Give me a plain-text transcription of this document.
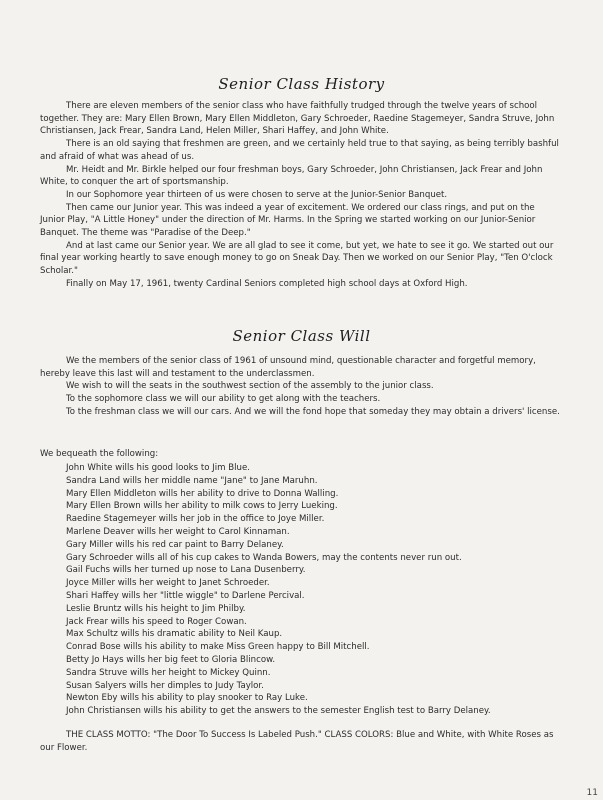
Senior Class History

There are eleven members of the senior class who have faithfully trudged through the twelve years of school together. They are: Mary Ellen Brown, Mary Ellen Middleton, Gary Schroeder, Raedine Stagemeyer, Sandra Struve, John Christiansen, Jack Frear, Sandra Land, Helen Miller, Shari Haffey, and John White.

There is an old saying that freshmen are green, and we certainly held true to that saying, as being terribly bashful and afraid of what was ahead of us.

Mr. Heidt and Mr. Birkle helped our four freshman boys, Gary Schroeder, John Christiansen, Jack Frear and John White, to conquer the art of sportsmanship.

In our Sophomore year thirteen of us were chosen to serve at the Junior-Senior Banquet.

Then came our Junior year. This was indeed a year of excitement. We ordered our class rings, and put on the Junior Play, "A Little Honey" under the direction of Mr. Harms. In the Spring we started working on our Junior-Senior Banquet. The theme was "Paradise of the Deep."

And at last came our Senior year. We are all glad to see it come, but yet, we hate to see it go. We started out our final year working heartly to save enough money to go on Sneak Day. Then we worked on our Senior Play, "Ten O'clock Scholar."

Finally on May 17, 1961, twenty Cardinal Seniors completed high school days at Oxford High.

Senior Class Will

We the members of the senior class of 1961 of unsound mind, questionable character and forgetful memory, hereby leave this last will and testament to the underclassmen.

We wish to will the seats in the southwest section of the assembly to the junior class.

To the sophomore class we will our ability to get along with the teachers.

To the freshman class we will our cars. And we will the fond hope that someday they may obtain a drivers' license.

We bequeath the following:
John White wills his good looks to Jim Blue.
Sandra Land wills her middle name "Jane" to Jane Maruhn.
Mary Ellen Middleton wills her ability to drive to Donna Walling.
Mary Ellen Brown wills her ability to milk cows to Jerry Lueking.
Raedine Stagemeyer wills her job in the office to Joye Miller.
Marlene Deaver wills her weight to Carol Kinnaman.
Gary Miller wills his red car paint to Barry Delaney.
Gary Schroeder wills all of his cup cakes to Wanda Bowers, may the contents never run out.
Gail Fuchs wills her turned up nose to Lana Dusenberry.
Joyce Miller wills her weight to Janet Schroeder.
Shari Haffey wills her "little wiggle" to Darlene Percival.
Leslie Bruntz wills his height to Jim Philby.
Jack Frear wills his speed to Roger Cowan.
Max Schultz wills his dramatic ability to Neil Kaup.
Conrad Bose wills his ability to make Miss Green happy to Bill Mitchell.
Betty Jo Hays wills her big feet to Gloria Blincow.
Sandra Struve wills her height to Mickey Quinn.
Susan Salyers wills her dimples to Judy Taylor.
Newton Eby wills his ability to play snooker to Ray Luke.
John Christiansen wills his ability to get the answers to the semester English test to Barry Delaney.

THE CLASS MOTTO: "The Door To Success Is Labeled Push." CLASS COLORS: Blue and White, with White Roses as our Flower.

11
